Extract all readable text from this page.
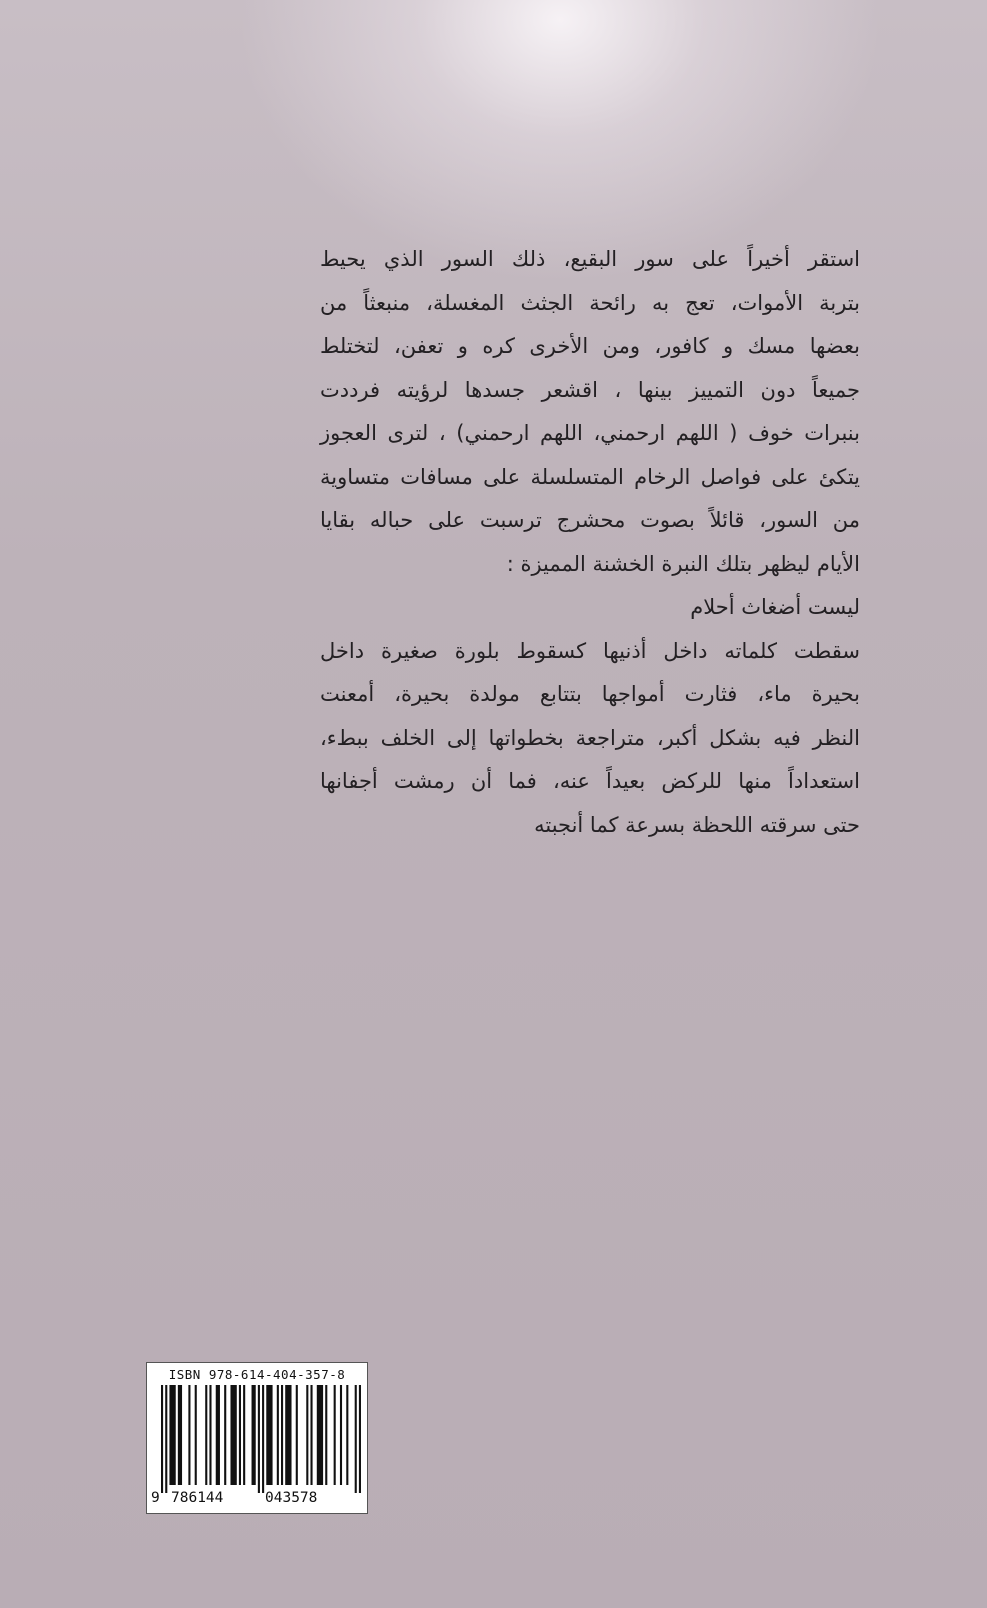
استقر أخيراً على سور البقيع، ذلك السور الذي يحيط
بتربة الأموات، تعج به رائحة الجثث المغسلة، منبعثاً من
بعضها مسك و كافور، ومن الأخرى كره و تعفن، لتختلط
جميعاً دون التمييز بينها ، اقشعر جسدها لرؤيته فرددت
بنبرات خوف ( اللهم ارحمني، اللهم ارحمني) ، لترى العجوز
يتكئ على فواصل الرخام المتسلسلة على مسافات متساوية
من السور، قائلاً بصوت محشرج ترسبت على حباله بقايا
الأيام ليظهر بتلك النبرة الخشنة المميزة :
ليست أضغاث أحلام

سقطت كلماته داخل أذنيها كسقوط بلورة صغيرة داخل
بحيرة ماء، فثارت أمواجها بتتابع مولدة بحيرة، أمعنت
النظر فيه بشكل أكبر، متراجعة بخطواتها إلى الخلف ببطء،
استعداداً منها للركض بعيداً عنه، فما أن رمشت أجفانها
حتى سرقته اللحظة بسرعة كما أنجبته

ISBN 978-614-404-357-8
9 786144	043578
